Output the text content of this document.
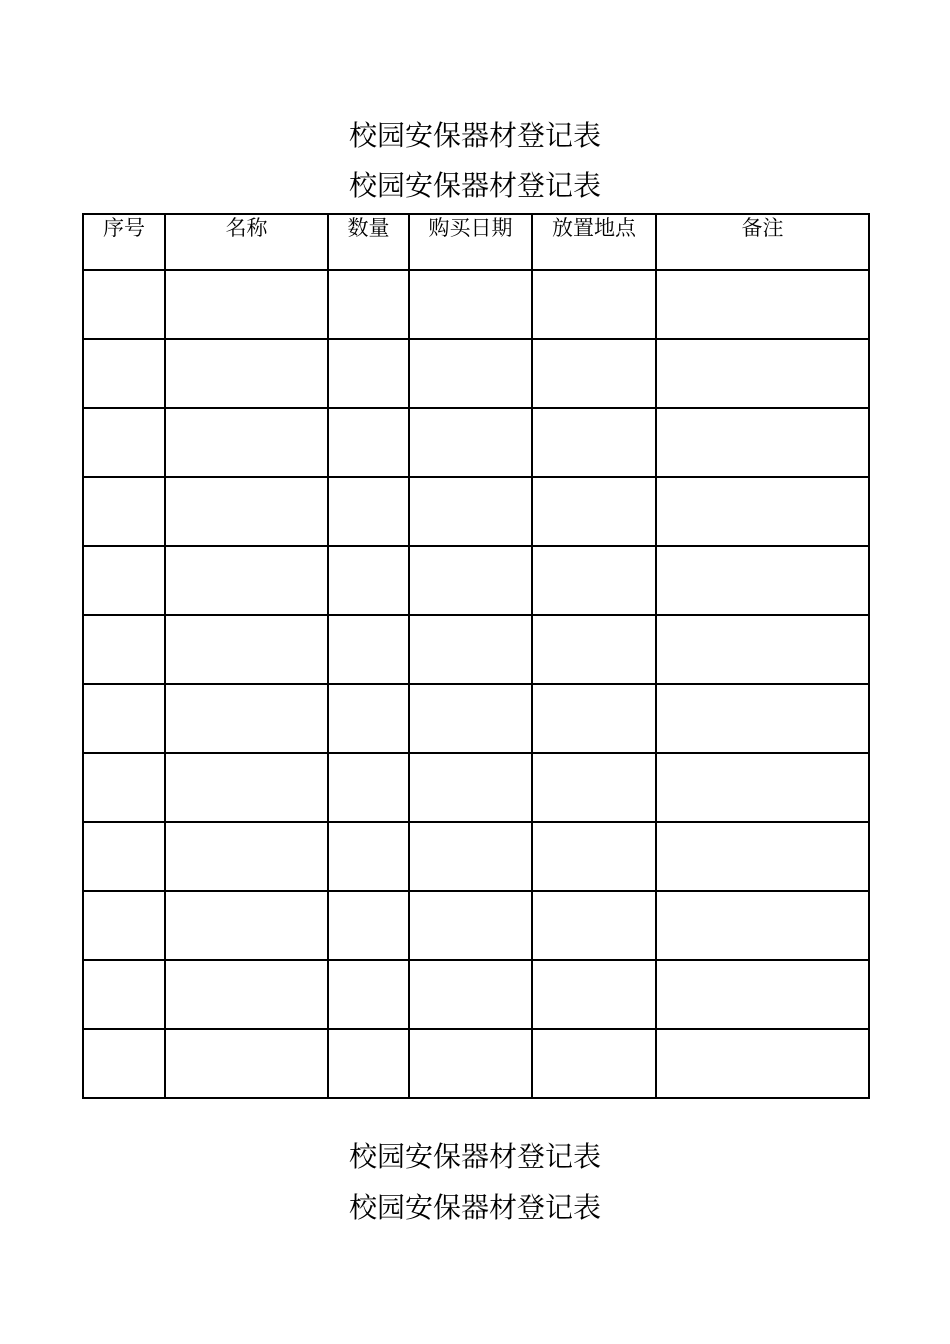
校园安保器材登记表
校园安保器材登记表
序号	名称	数量	购买日期	放置地点	备注

校园安保器材登记表
校园安保器材登记表
